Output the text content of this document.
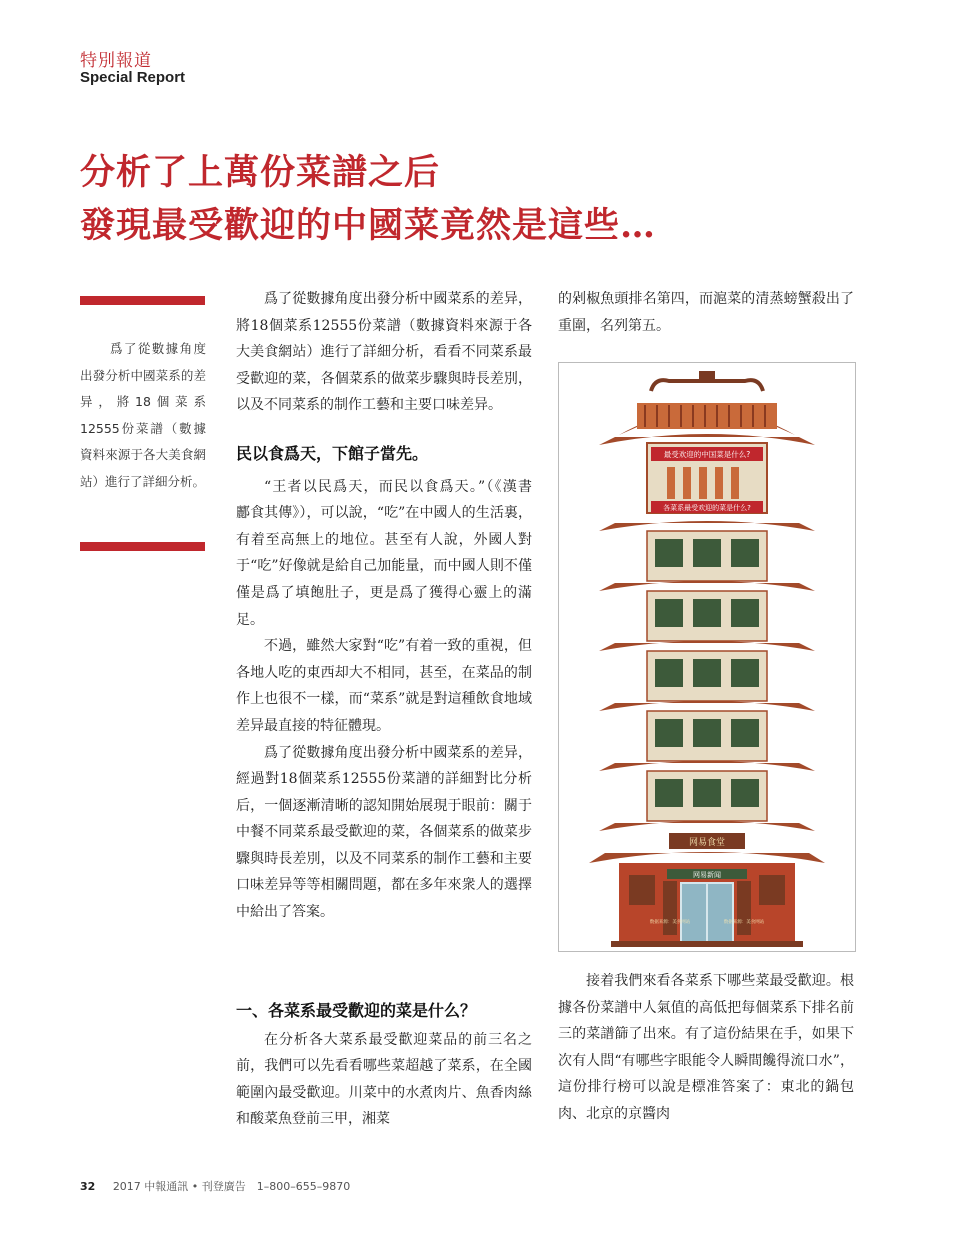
特別報道
Special Report
分析了上萬份菜譜之后
發現最受歡迎的中國菜竟然是這些…

爲了從數據角度出發分析中國菜系的差异，將18個菜系12555份菜譜（數據資料來源于各大美食網站）進行了詳細分析。

爲了從數據角度出發分析中國菜系的差异，將18個菜系12555份菜譜（數據資料來源于各大美食網站）進行了詳細分析，看看不同菜系最受歡迎的菜，各個菜系的做菜步驟與時長差別，以及不同菜系的制作工藝和主要口味差异。

民以食爲天，下館子當先。

“王者以民爲天，而民以食爲天。”（《漢書　酈食其傳》），可以說，“吃”在中國人的生活裏，有着至高無上的地位。甚至有人說，外國人對于“吃”好像就是給自己加能量，而中國人則不僅僅是爲了填飽肚子，更是爲了獲得心靈上的滿足。

不過，雖然大家對“吃”有着一致的重視，但各地人吃的東西却大不相同，甚至，在菜品的制作上也很不一樣，而“菜系”就是對這種飲食地域差异最直接的特征體現。

爲了從數據角度出發分析中國菜系的差异，經過對18個菜系12555份菜譜的詳細對比分析后，一個逐漸清晰的認知開始展現于眼前：關于中餐不同菜系最受歡迎的菜，各個菜系的做菜步驟與時長差別，以及不同菜系的制作工藝和主要口味差异等等相關問題，都在多年來衆人的選擇中給出了答案。

一、各菜系最受歡迎的菜是什么？

在分析各大菜系最受歡迎菜品的前三名之前，我們可以先看看哪些菜超越了菜系，在全國範圍內最受歡迎。川菜中的水煮肉片、魚香肉絲和酸菜魚登前三甲，湘菜

的剁椒魚頭排名第四，而滬菜的清蒸螃蟹殺出了重圍，名列第五。

最受欢迎的中国菜是什么?
各菜系最受欢迎的菜是什么?
网易食堂
网易新闻
数据来源：美食网站	数据来源：美食网站

接着我們來看各菜系下哪些菜最受歡迎。根據各份菜譜中人氣值的高低把每個菜系下排名前三的菜譜篩了出來。有了這份結果在手，如果下次有人問“有哪些字眼能令人瞬間饞得流口水”，這份排行榜可以說是標准答案了：東北的鍋包肉、北京的京醬肉

32 2017 中報通訊 • 刊登廣告　1–800–655–9870
